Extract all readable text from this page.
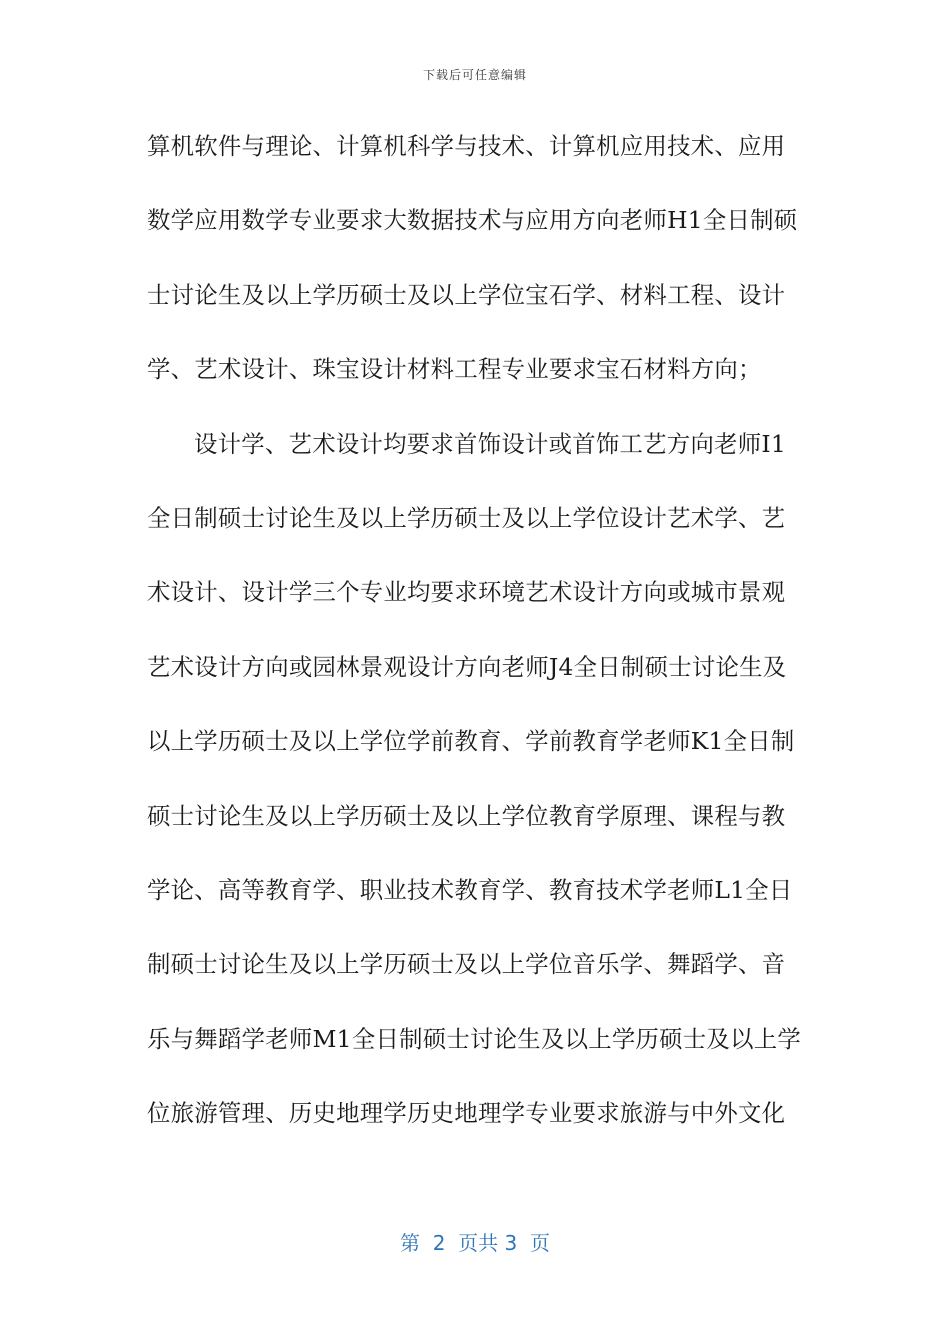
下载后可任意编辑
算机软件与理论、计算机科学与技术、计算机应用技术、应用
数学应用数学专业要求大数据技术与应用方向老师H1全日制硕
士讨论生及以上学历硕士及以上学位宝石学、材料工程、设计
学、艺术设计、珠宝设计材料工程专业要求宝石材料方向；
设计学、艺术设计均要求首饰设计或首饰工艺方向老师I1
全日制硕士讨论生及以上学历硕士及以上学位设计艺术学、艺
术设计、设计学三个专业均要求环境艺术设计方向或城市景观
艺术设计方向或园林景观设计方向老师J4全日制硕士讨论生及
以上学历硕士及以上学位学前教育、学前教育学老师K1全日制
硕士讨论生及以上学历硕士及以上学位教育学原理、课程与教
学论、高等教育学、职业技术教育学、教育技术学老师L1全日
制硕士讨论生及以上学历硕士及以上学位音乐学、舞蹈学、音
乐与舞蹈学老师M1全日制硕士讨论生及以上学历硕士及以上学
位旅游管理、历史地理学历史地理学专业要求旅游与中外文化
第  2  页共 3  页
